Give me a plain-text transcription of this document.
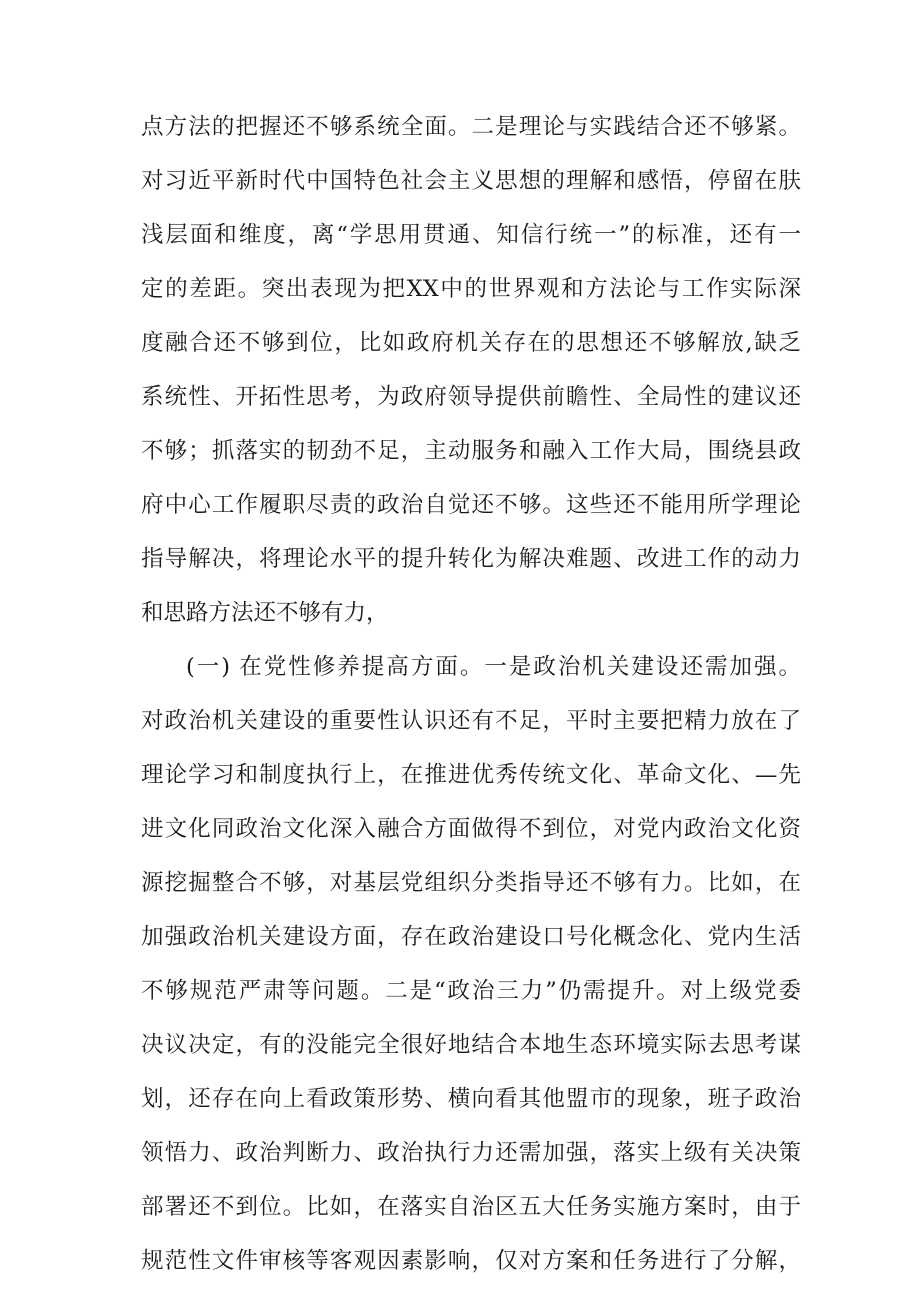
点方法的把握还不够系统全面。二是理论与实践结合还不够紧。
对习近平新时代中国特色社会主义思想的理解和感悟，停留在肤
浅层面和维度，离“学思用贯通、知信行统一”的标准，还有一
定的差距。突出表现为把XX中的世界观和方法论与工作实际深
度融合还不够到位，比如政府机关存在的思想还不够解放,缺乏
系统性、开拓性思考，为政府领导提供前瞻性、全局性的建议还
不够；抓落实的韧劲不足，主动服务和融入工作大局，围绕县政
府中心工作履职尽责的政治自觉还不够。这些还不能用所学理论
指导解决，将理论水平的提升转化为解决难题、改进工作的动力
和思路方法还不够有力，
(一) 在党性修养提高方面。一是政治机关建设还需加强。
对政治机关建设的重要性认识还有不足，平时主要把精力放在了
理论学习和制度执行上，在推进优秀传统文化、革命文化、—先
进文化同政治文化深入融合方面做得不到位，对党内政治文化资
源挖掘整合不够，对基层党组织分类指导还不够有力。比如，在
加强政治机关建设方面，存在政治建设口号化概念化、党内生活
不够规范严肃等问题。二是“政治三力”仍需提升。对上级党委
决议决定，有的没能完全很好地结合本地生态环境实际去思考谋
划，还存在向上看政策形势、横向看其他盟市的现象，班子政治
领悟力、政治判断力、政治执行力还需加强，落实上级有关决策
部署还不到位。比如，在落实自治区五大任务实施方案时，由于
规范性文件审核等客观因素影响，仅对方案和任务进行了分解，
